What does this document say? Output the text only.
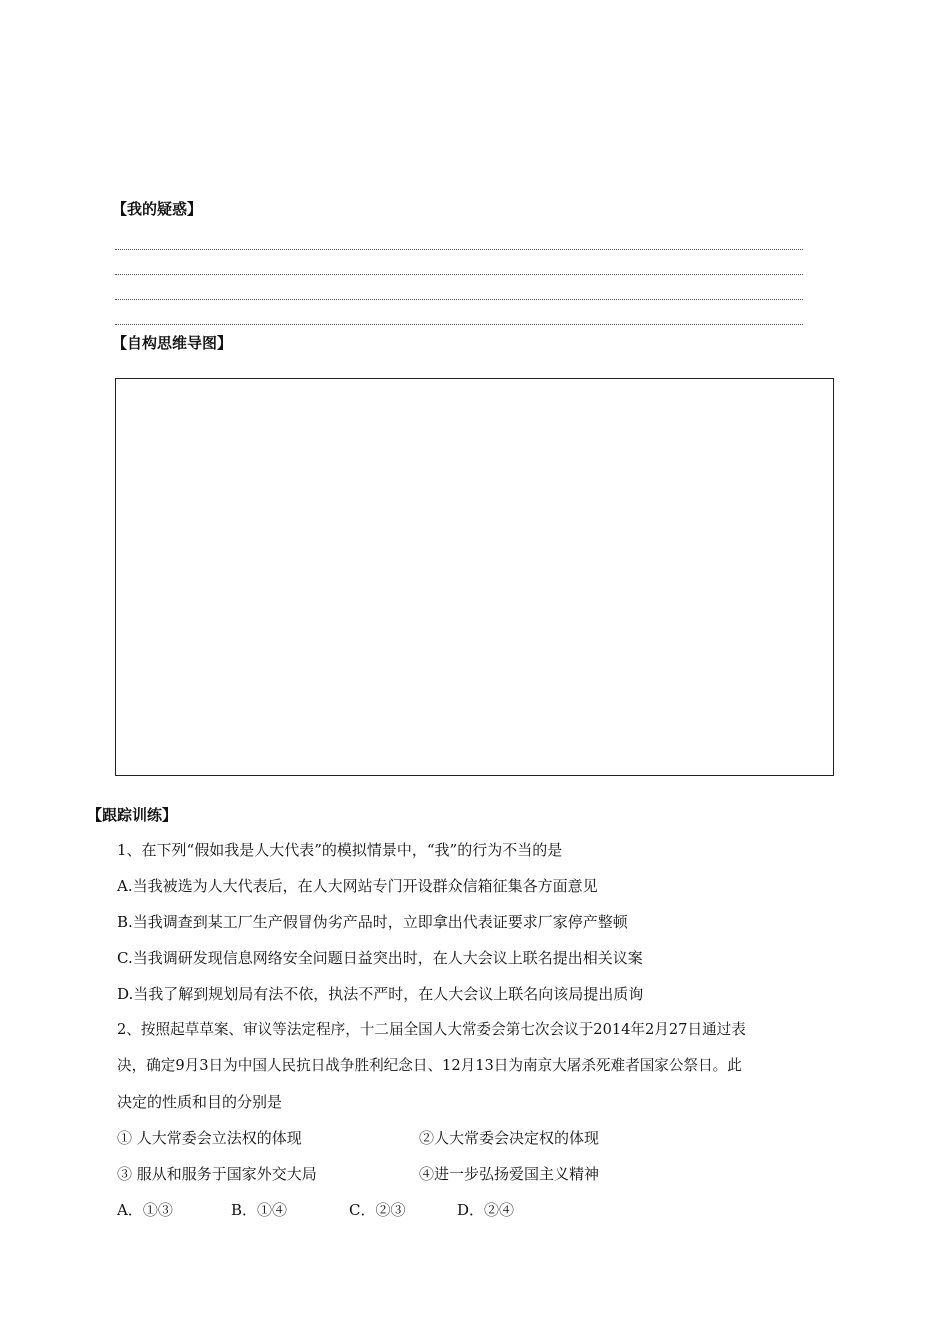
【我的疑惑】
【自构思维导图】
【跟踪训练】
1、在下列“假如我是人大代表”的模拟情景中，“我”的行为不当的是
A.当我被选为人大代表后，在人大网站专门开设群众信箱征集各方面意见
B.当我调查到某工厂生产假冒伪劣产品时，立即拿出代表证要求厂家停产整顿
C.当我调研发现信息网络安全问题日益突出时，在人大会议上联名提出相关议案
D.当我了解到规划局有法不依，执法不严时，在人大会议上联名向该局提出质询
2、按照起草草案、审议等法定程序，十二届全国人大常委会第七次会议于2014年2月27日通过表
决，确定9月3日为中国人民抗日战争胜利纪念日、12月13日为南京大屠杀死难者国家公祭日。此
决定的性质和目的分别是
① 人大常委会立法权的体现	②人大常委会决定权的体现
③ 服从和服务于国家外交大局	④进一步弘扬爱国主义精神
A．①③	B．①④	C．②③	D．②④
